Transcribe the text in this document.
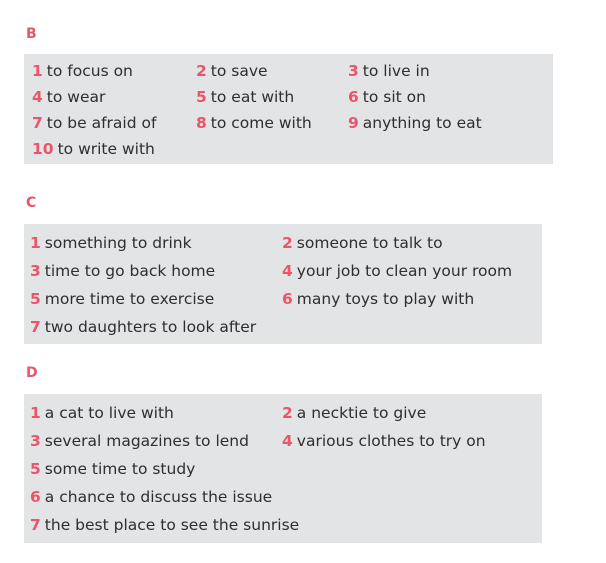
B
1 to focus on	2 to save	3 to live in
4 to wear	5 to eat with	6 to sit on
7 to be afraid of	8 to come with 9 anything to eat
10 to write with
C
1 something to drink	2 someone to talk to
3 time to go back home	4 your job to clean your room
5 more time to exercise	6 many toys to play with
7 two daughters to look after
D
1 a cat to live with	2 a necktie to give
3 several magazines to lend 4 various clothes to try on
5 some time to study
6 a chance to discuss the issue
7 the best place to see the sunrise
